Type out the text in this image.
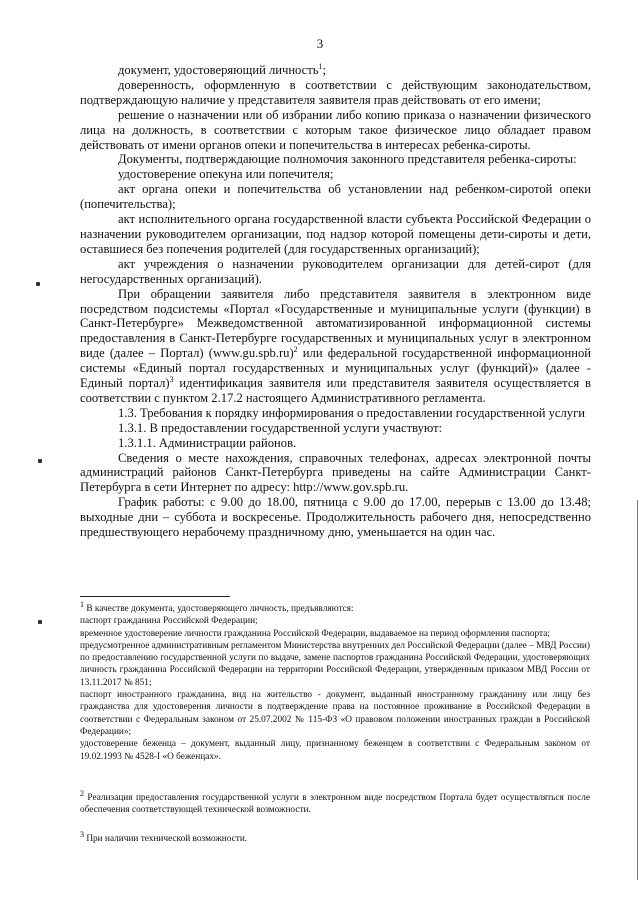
3

документ, удостоверяющий личность$^1$;

доверенность, оформленную в соответствии с действующим законодательством, подтверждающую наличие у представителя заявителя прав действовать от его имени;

решение о назначении или об избрании либо копию приказа о назначении физического лица на должность, в соответствии с которым такое физическое лицо обладает правом действовать от имени органов опеки и попечительства в интересах ребенка-сироты.

Документы, подтверждающие полномочия законного представителя ребенка-сироты:

удостоверение опекуна или попечителя;

акт органа опеки и попечительства об установлении над ребенком-сиротой опеки (попечительства);

акт исполнительного органа государственной власти субъекта Российской Федерации о назначении руководителем организации, под надзор которой помещены дети-сироты и дети, оставшиеся без попечения родителей (для государственных организаций);

акт учреждения о назначении руководителем организации для детей-сирот (для негосударственных организаций).

При обращении заявителя либо представителя заявителя в электронном виде посредством подсистемы «Портал «Государственные и муниципальные услуги (функции) в Санкт-Петербурге» Межведомственной автоматизированной информационной системы предоставления в Санкт-Петербурге государственных и муниципальных услуг в электронном виде (далее – Портал) $(www.gu.spb.ru)^2$ или федеральной государственной информационной системы «Единый портал государственных и муниципальных услуг (функций)» (далее - Единый портал)$^3$ идентификация заявителя или представителя заявителя осуществляется в соответствии с пунктом 2.17.2 настоящего Административного регламента.

1.3. Требования к порядку информирования о предоставлении государственной услуги

1.3.1. В предоставлении государственной услуги участвуют:

1.3.1.1. Администрации районов.

Сведения о месте нахождения, справочных телефонах, адресах электронной почты администраций районов Санкт-Петербурга приведены на сайте Администрации Санкт-Петербурга в сети Интернет по адресу: http://www.gov.spb.ru.

График работы: с 9.00 до 18.00, пятница с 9.00 до 17.00, перерыв с 13.00 до 13.48; выходные дни – суббота и воскресенье. Продолжительность рабочего дня, непосредственно предшествующего нерабочему праздничному дню, уменьшается на один час.

$^1$ В качестве документа, удостоверяющего личность, предъявляются:

паспорт гражданина Российской Федерации;

временное удостоверение личности гражданина Российской Федерации, выдаваемое на период оформления паспорта;

предусмотренное административным регламентом Министерства внутренних дел Российской Федерации (далее – МВД России) по предоставлению государственной услуги по выдаче, замене паспортов гражданина Российской Федерации, удостоверяющих личность гражданина Российской Федерации на территории Российской Федерации, утвержденным приказом МВД России от 13.11.2017 № 851;

паспорт иностранного гражданина, вид на жительство - документ, выданный иностранному гражданину или лицу без гражданства для удостоверения личности в подтверждение права на постоянное проживание в Российской Федерации в соответствии с Федеральным законом от 25.07.2002 № 115-ФЗ «О правовом положении иностранных граждан в Российской Федерации»;

удостоверение беженца – документ, выданный лицу, признанному беженцем в соответствии с Федеральным законом от 19.02.1993 № 4528-I «О беженцах».

$^2$ Реализация предоставления государственной услуги в электронном виде посредством Портала будет осуществляться после обеспечения соответствующей технической возможности.

$^3$ При наличии технической возможности.
